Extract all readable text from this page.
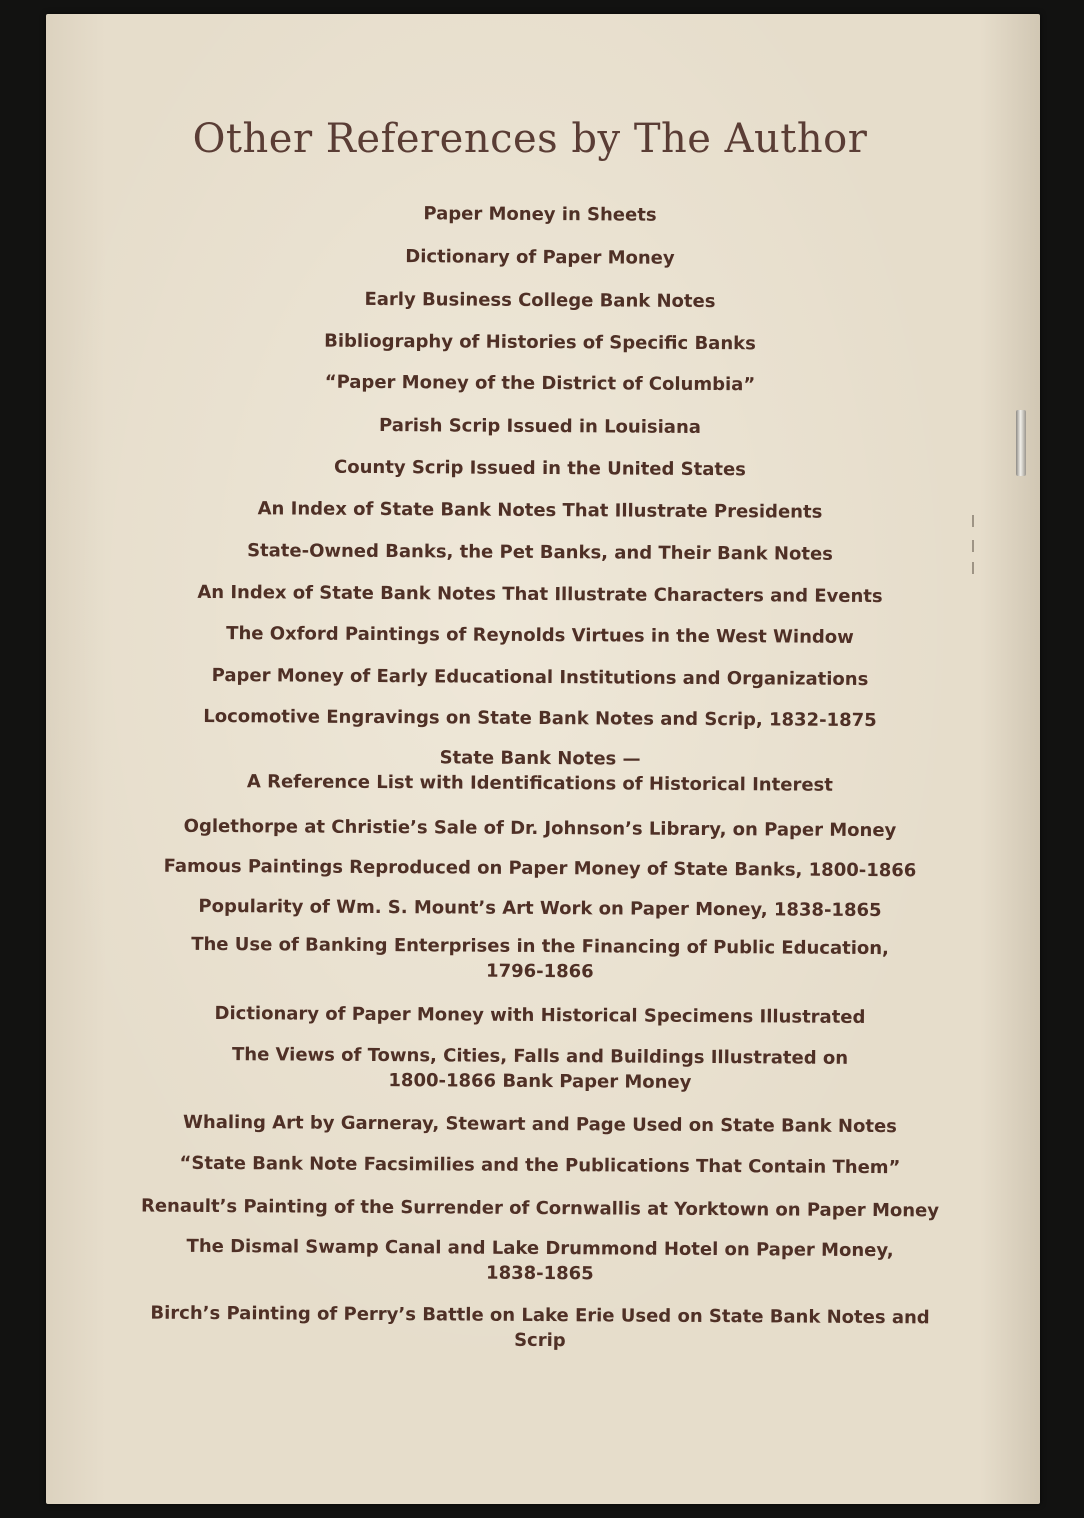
Other References by The Author
Paper Money in Sheets
Dictionary of Paper Money
Early Business College Bank Notes
Bibliography of Histories of Specific Banks
“Paper Money of the District of Columbia”
Parish Scrip Issued in Louisiana
County Scrip Issued in the United States
An Index of State Bank Notes That Illustrate Presidents
State-Owned Banks, the Pet Banks, and Their Bank Notes
An Index of State Bank Notes That Illustrate Characters and Events
The Oxford Paintings of Reynolds Virtues in the West Window
Paper Money of Early Educational Institutions and Organizations
Locomotive Engravings on State Bank Notes and Scrip, 1832-1875
State Bank Notes —
A Reference List with Identifications of Historical Interest
Oglethorpe at Christie’s Sale of Dr. Johnson’s Library, on Paper Money
Famous Paintings Reproduced on Paper Money of State Banks, 1800-1866
Popularity of Wm. S. Mount’s Art Work on Paper Money, 1838-1865
The Use of Banking Enterprises in the Financing of Public Education,
1796-1866
Dictionary of Paper Money with Historical Specimens Illustrated
The Views of Towns, Cities, Falls and Buildings Illustrated on
1800-1866 Bank Paper Money
Whaling Art by Garneray, Stewart and Page Used on State Bank Notes
“State Bank Note Facsimilies and the Publications That Contain Them”
Renault’s Painting of the Surrender of Cornwallis at Yorktown on Paper Money
The Dismal Swamp Canal and Lake Drummond Hotel on Paper Money,
1838-1865
Birch’s Painting of Perry’s Battle on Lake Erie Used on State Bank Notes and Scrip
